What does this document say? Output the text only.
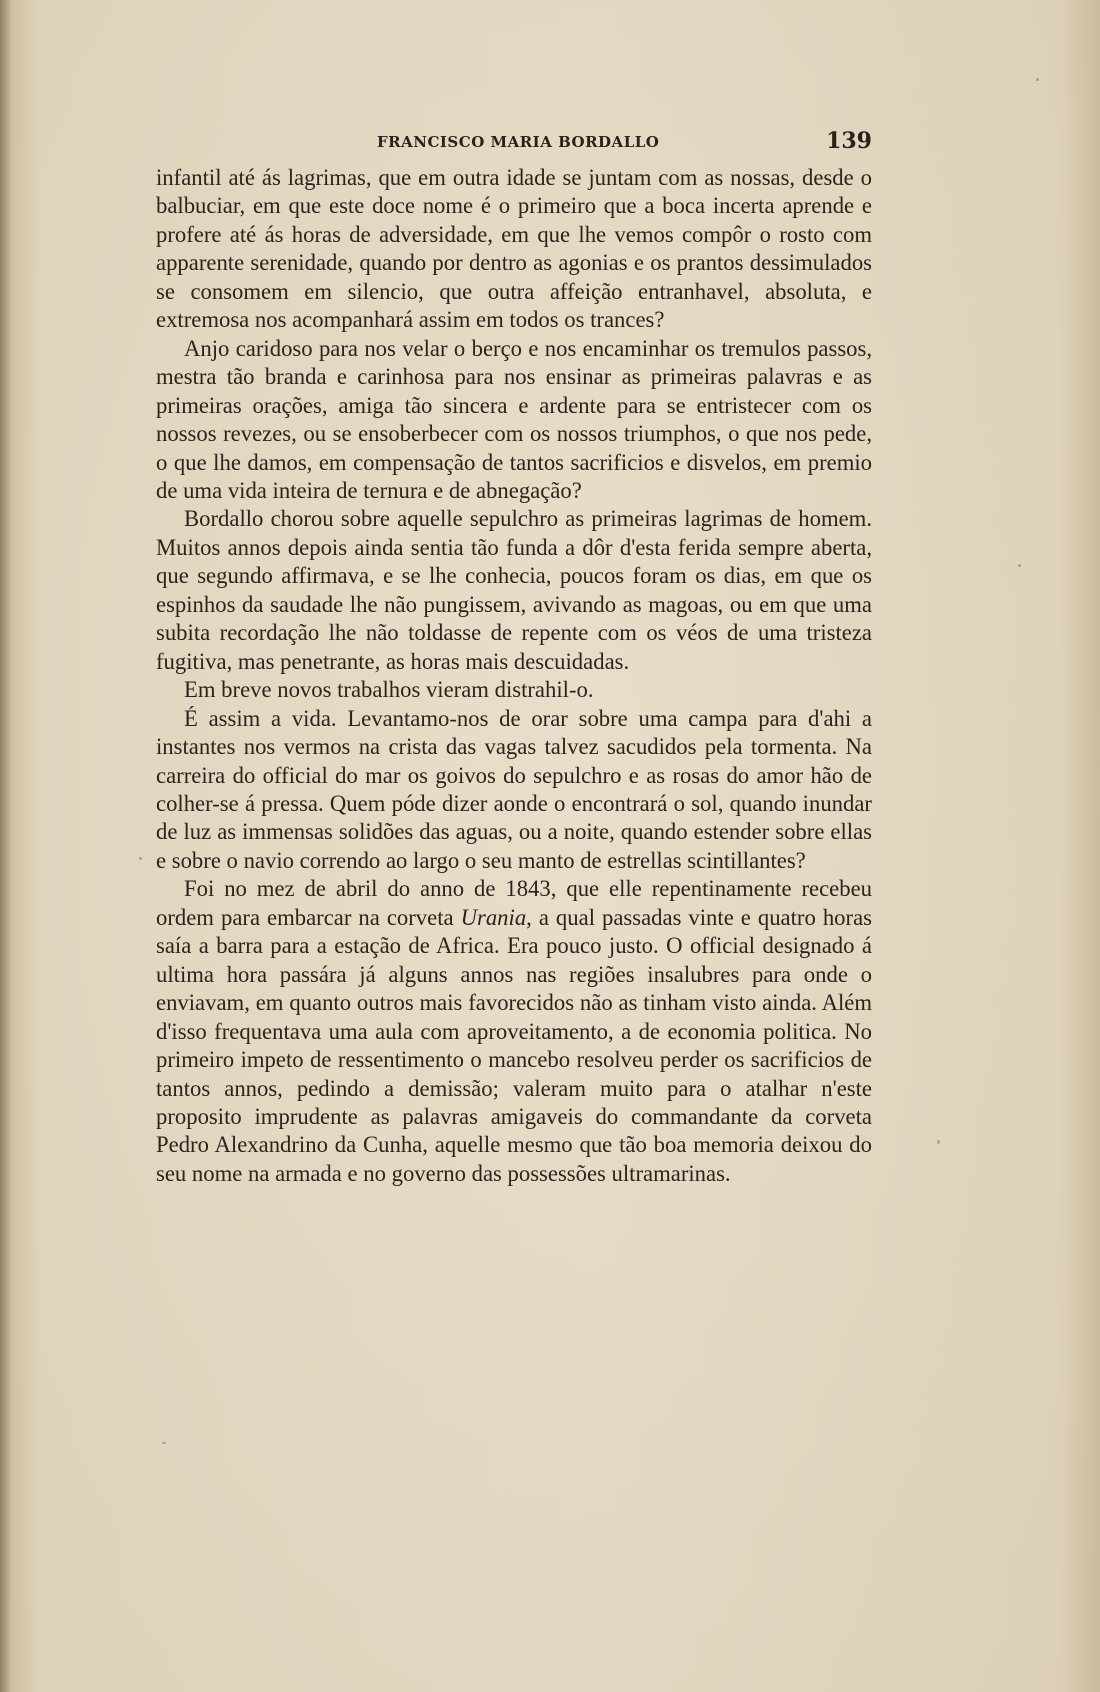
FRANCISCO MARIA BORDALLO	139

infantil até ás lagrimas, que em outra idade se juntam com as nossas, desde o balbuciar, em que este doce nome é o primeiro que a boca incerta aprende e profere até ás horas de adversidade, em que lhe vemos compôr o rosto com apparente serenidade, quando por dentro as agonias e os prantos dessimulados se consomem em silencio, que outra affeição entranhavel, absoluta, e extremosa nos acompanhará assim em todos os trances?

Anjo caridoso para nos velar o berço e nos encaminhar os tremulos passos, mestra tão branda e carinhosa para nos ensinar as primeiras palavras e as primeiras orações, amiga tão sincera e ardente para se entristecer com os nossos revezes, ou se ensoberbecer com os nossos triumphos, o que nos pede, o que lhe damos, em compensação de tantos sacrificios e disvelos, em premio de uma vida inteira de ternura e de abnegação?

Bordallo chorou sobre aquelle sepulchro as primeiras lagrimas de homem. Muitos annos depois ainda sentia tão funda a dôr d'esta ferida sempre aberta, que segundo affirmava, e se lhe conhecia, poucos foram os dias, em que os espinhos da saudade lhe não pungissem, avivando as magoas, ou em que uma subita recordação lhe não toldasse de repente com os véos de uma tristeza fugitiva, mas penetrante, as horas mais descuidadas.

Em breve novos trabalhos vieram distrahil-o.

É assim a vida. Levantamo-nos de orar sobre uma campa para d'ahi a instantes nos vermos na crista das vagas talvez sacudidos pela tormenta. Na carreira do official do mar os goivos do sepulchro e as rosas do amor hão de colher-se á pressa. Quem póde dizer aonde o encontrará o sol, quando inundar de luz as immensas solidões das aguas, ou a noite, quando estender sobre ellas e sobre o navio correndo ao largo o seu manto de estrellas scintillantes?

Foi no mez de abril do anno de 1843, que elle repentinamente recebeu ordem para embarcar na corveta Urania, a qual passadas vinte e quatro horas saía a barra para a estação de Africa. Era pouco justo. O official designado á ultima hora passára já alguns annos nas regiões insalubres para onde o enviavam, em quanto outros mais favorecidos não as tinham visto ainda. Além d'isso frequentava uma aula com aproveitamento, a de economia politica. No primeiro impeto de ressentimento o mancebo resolveu perder os sacrificios de tantos annos, pedindo a demissão; valeram muito para o atalhar n'este proposito imprudente as palavras amigaveis do commandante da corveta Pedro Alexandrino da Cunha, aquelle mesmo que tão boa memoria deixou do seu nome na armada e no governo das possessões ultramarinas.
